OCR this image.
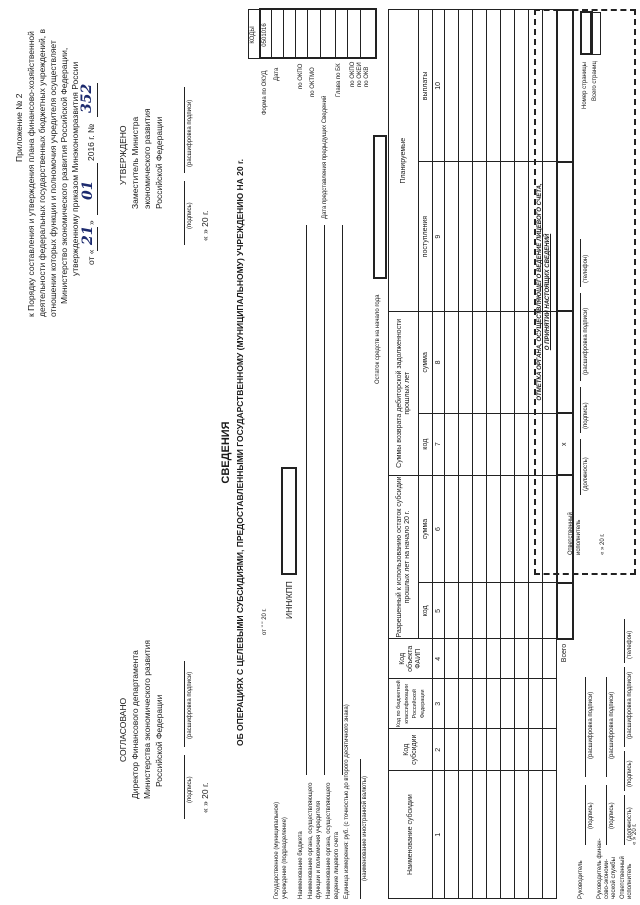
Приложение № 2 к Порядку составления и утверждения плана финансово-хозяйственной деятельности федеральных государственных бюджетных учреждений, в отношении которых функции и полномочия учредителя осуществляет Министерство экономического развития Российской Федерации, утвержденному приказом Минэкономразвития России от «
21
»
01
2016 г. №
352
УТВЕРЖДЕНО Заместитель Министра экономического развития Российской Федерации
(подпись)
(расшифровка подписи)
« » 20 г.
СОГЛАСОВАНО Директор Финансового департамента Министерства экономического развития Российской Федерации
(подпись)
(расшифровка подписи)
« » 20 г.
СВЕДЕНИЯ ОБ ОПЕРАЦИЯХ С ЦЕЛЕВЫМИ СУБСИДИЯМИ, ПРЕДОСТАВЛЕННЫМИ ГОСУДАРСТВЕННОМУ (МУНИЦИПАЛЬНОМУ) УЧРЕЖДЕНИЮ НА 20 г.
КОДЫ 0501016
Форма по ОКУД Дата	по ОКПО по ОКТМО
Дата представления предыдущих Сведений
Глава по БК по ОКПО по ОКЕИ по ОКВ
от " " 20 г.
ИНН/КПП
Государственное (муниципальное) учреждение (подразделение) Наименование бюджета Наименование органа, осуществляющего функции и полномочия учредителя Наименование органа, осуществляющего ведение лицевого счета Единица измерения: руб. (с точностью до второго десятичного знака) (наименование иностранной валюты)
Остаток средств на начало года
Наименование субсидии	Код субсидии	Код по бюджетной классификации Российской Федерации	Код объекта ФАИП	Разрешенный к использованию остаток субсидии прошлых лет на начало 20 г.		Суммы возврата дебиторской задолженности прошлых лет		Планируемые	
				код	сумма	код	сумма	поступления	выплаты
1	2	3	4	5	6	7	8	9	10

Всего						х			
Номер страницы Всего страниц
Руководитель
(подпись)
(расшифровка подписи)
Руководитель финан- сово-экономи- ческой службы
(подпись)
(расшифровка подписи)
Ответственный исполнитель
(должность)
(подпись)
(расшифровка подписи)
(телефон)
« » 20 г.
ОТМЕТКА ОРГАНА, ОСУЩЕСТВЛЯЮЩЕГО ВЕДЕНИЕ ЛИЦЕВОГО СЧЕТА, О ПРИНЯТИИ НАСТОЯЩИХ СВЕДЕНИЙ
Ответственный исполнитель
(должность)
(подпись)
(расшифровка подписи)
(телефон)
« » 20 г.
